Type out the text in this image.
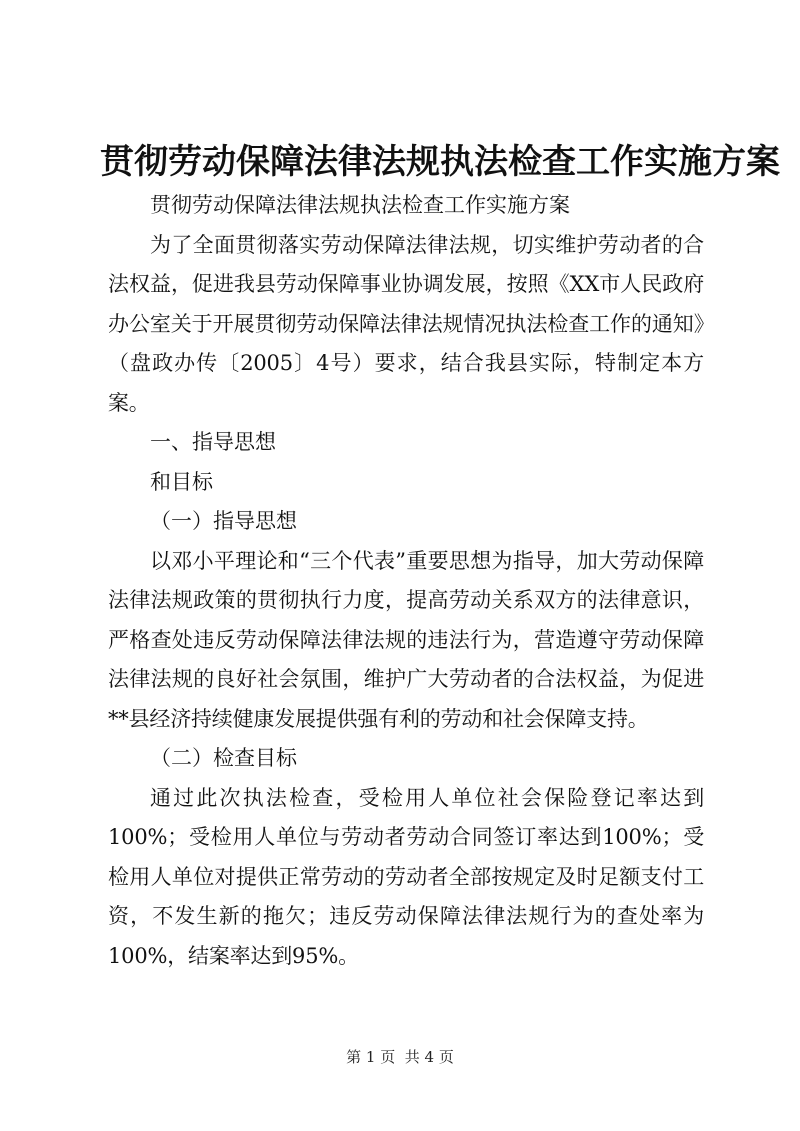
贯彻劳动保障法律法规执法检查工作实施方案

贯彻劳动保障法律法规执法检查工作实施方案

为了全面贯彻落实劳动保障法律法规，切实维护劳动者的合法权益，促进我县劳动保障事业协调发展，按照《XX市人民政府办公室关于开展贯彻劳动保障法律法规情况执法检查工作的通知》（盘政办传〔2005〕4号）要求，结合我县实际，特制定本方案。

一、指导思想

和目标

（一）指导思想

以邓小平理论和“三个代表”重要思想为指导，加大劳动保障法律法规政策的贯彻执行力度，提高劳动关系双方的法律意识，严格查处违反劳动保障法律法规的违法行为，营造遵守劳动保障法律法规的良好社会氛围，维护广大劳动者的合法权益，为促进**县经济持续健康发展提供强有利的劳动和社会保障支持。

（二）检查目标

通过此次执法检查，受检用人单位社会保险登记率达到100%；受检用人单位与劳动者劳动合同签订率达到100%；受检用人单位对提供正常劳动的劳动者全部按规定及时足额支付工资，不发生新的拖欠；违反劳动保障法律法规行为的查处率为100%，结案率达到95%。

第 1 页  共 4 页
